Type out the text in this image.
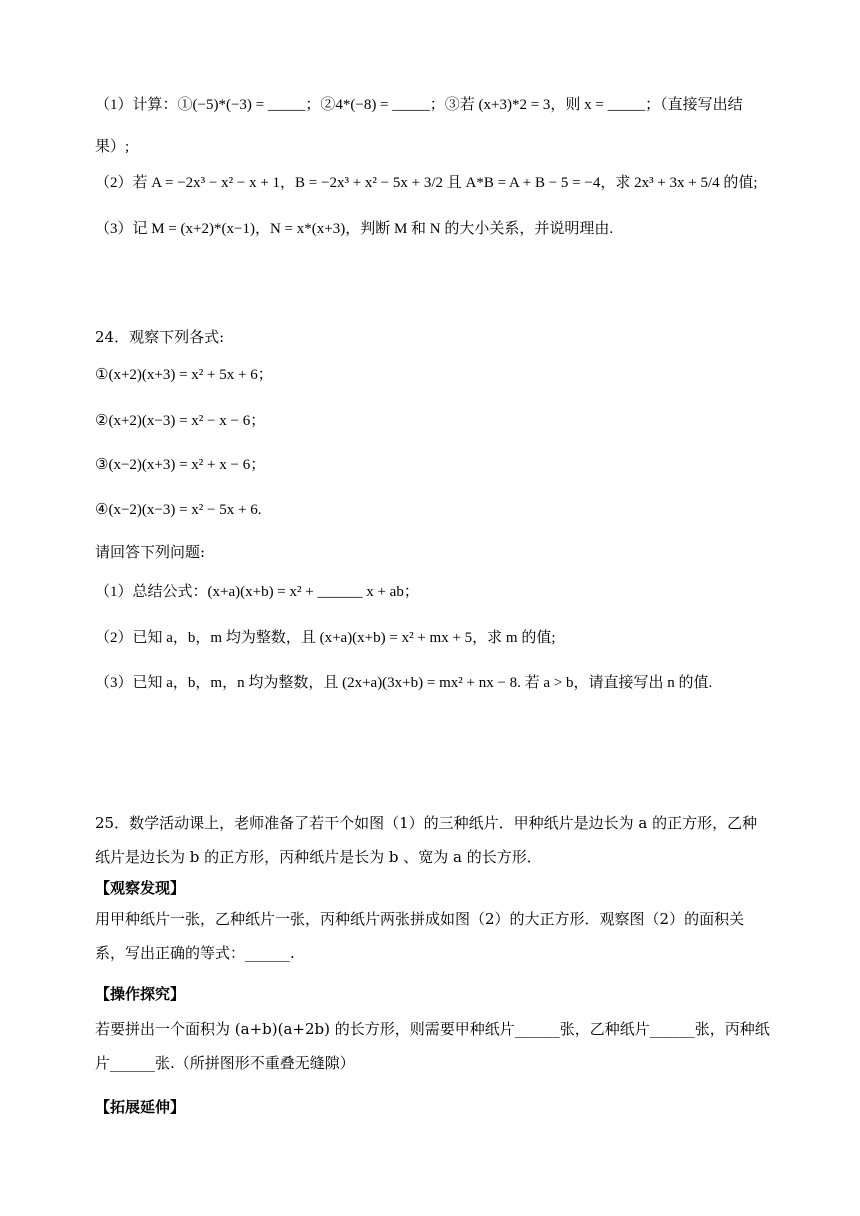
（1）计算：①(−5)*(−3) = _____；②4*(−8) = _____；③若 (x+3)*2 = 3，则 x = _____；（直接写出结
果）;
（2）若 A = −2x³ − x² − x + 1，B = −2x³ + x² − 5x + 3/2 且 A*B = A + B − 5 = −4，求 2x³ + 3x + 5/4 的值;
（3）记 M = (x+2)*(x−1)，N = x*(x+3)，判断 M 和 N 的大小关系，并说明理由.
24．观察下列各式:
①(x+2)(x+3) = x² + 5x + 6；
②(x+2)(x−3) = x² − x − 6；
③(x−2)(x+3) = x² + x − 6；
④(x−2)(x−3) = x² − 5x + 6.
请回答下列问题:
（1）总结公式：(x+a)(x+b) = x² + ______ x + ab；
（2）已知 a，b，m 均为整数，且 (x+a)(x+b) = x² + mx + 5，求 m 的值;
（3）已知 a，b，m，n 均为整数，且 (2x+a)(3x+b) = mx² + nx − 8. 若 a > b，请直接写出 n 的值.
25．数学活动课上，老师准备了若干个如图（1）的三种纸片．甲种纸片是边长为 a 的正方形，乙种纸片是边长为 b 的正方形，丙种纸片是长为 b 、宽为 a 的长方形．
【观察发现】
用甲种纸片一张，乙种纸片一张，丙种纸片两张拼成如图（2）的大正方形．观察图（2）的面积关系，写出正确的等式：______.
【操作探究】
若要拼出一个面积为 (a+b)(a+2b) 的长方形，则需要甲种纸片______张，乙种纸片______张，丙种纸片______张.（所拼图形不重叠无缝隙）
【拓展延伸】
